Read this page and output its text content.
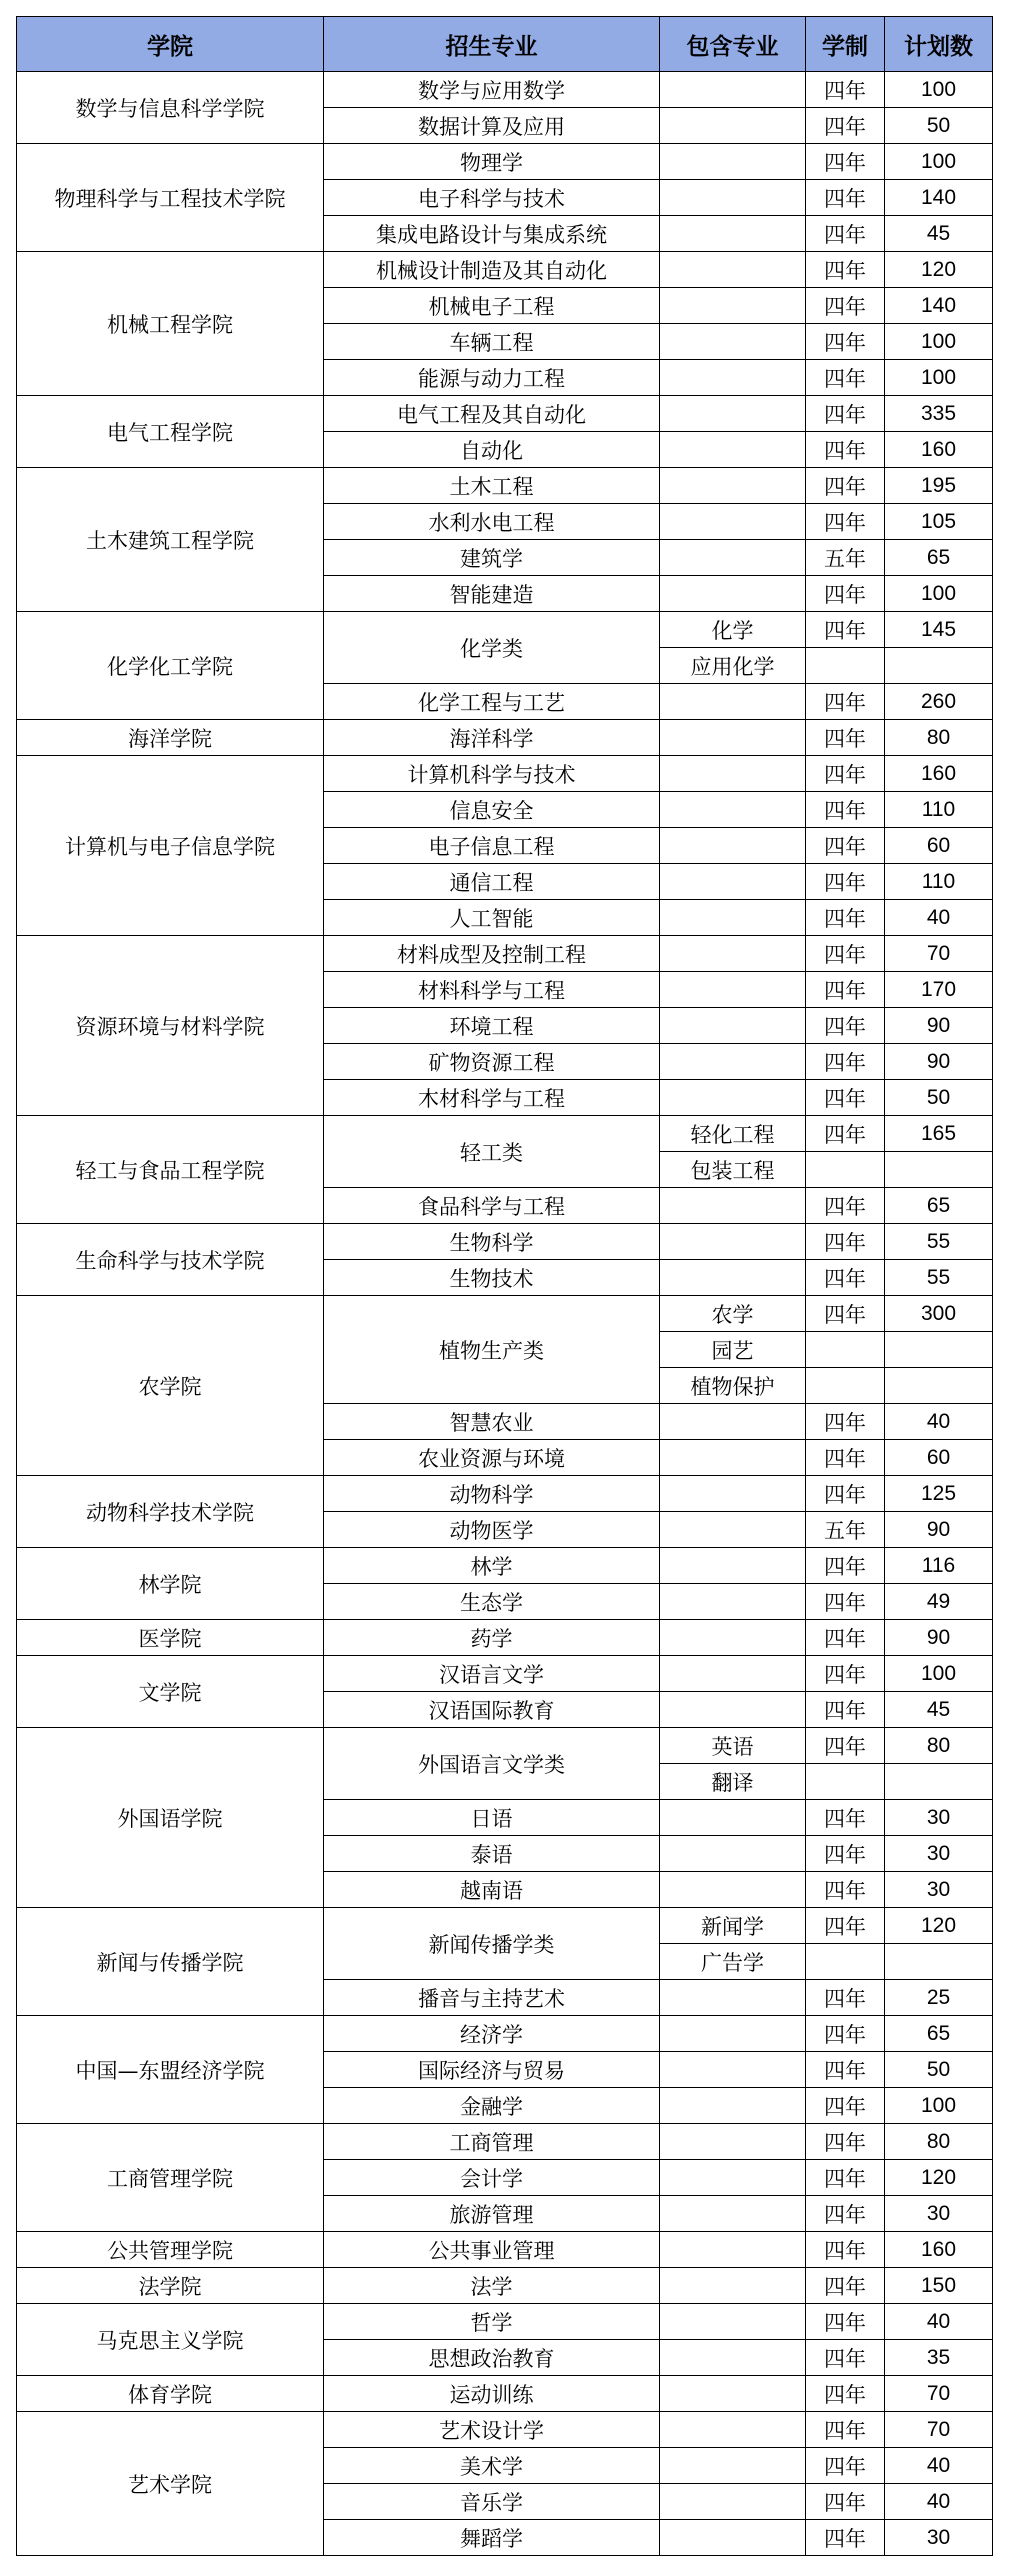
学院	招生专业	包含专业	学制	计划数
数学与信息科学学院	数学与应用数学		四年	100
	数据计算及应用		四年	50
物理科学与工程技术学院	物理学		四年	100
	电子科学与技术		四年	140
	集成电路设计与集成系统		四年	45
机械工程学院	机械设计制造及其自动化		四年	120
	机械电子工程		四年	140
	车辆工程		四年	100
	能源与动力工程		四年	100
电气工程学院	电气工程及其自动化		四年	335
	自动化		四年	160
土木建筑工程学院	土木工程		四年	195
	水利水电工程		四年	105
	建筑学		五年	65
	智能建造		四年	100
化学化工学院	化学类	化学	四年	145
		应用化学		
	化学工程与工艺		四年	260
海洋学院	海洋科学		四年	80
计算机与电子信息学院	计算机科学与技术		四年	160
	信息安全		四年	110
	电子信息工程		四年	60
	通信工程		四年	110
	人工智能		四年	40
资源环境与材料学院	材料成型及控制工程		四年	70
	材料科学与工程		四年	170
	环境工程		四年	90
	矿物资源工程		四年	90
	木材科学与工程		四年	50
轻工与食品工程学院	轻工类	轻化工程	四年	165
		包装工程		
	食品科学与工程		四年	65
生命科学与技术学院	生物科学		四年	55
	生物技术		四年	55
农学院	植物生产类	农学	四年	300
		园艺		
		植物保护		
	智慧农业		四年	40
	农业资源与环境		四年	60
动物科学技术学院	动物科学		四年	125
	动物医学		五年	90
林学院	林学		四年	116
	生态学		四年	49
医学院	药学		四年	90
文学院	汉语言文学		四年	100
	汉语国际教育		四年	45
外国语学院	外国语言文学类	英语	四年	80
		翻译		
	日语		四年	30
	泰语		四年	30
	越南语		四年	30
新闻与传播学院	新闻传播学类	新闻学	四年	120
		广告学		
	播音与主持艺术		四年	25
中国—东盟经济学院	经济学		四年	65
	国际经济与贸易		四年	50
	金融学		四年	100
工商管理学院	工商管理		四年	80
	会计学		四年	120
	旅游管理		四年	30
公共管理学院	公共事业管理		四年	160
法学院	法学		四年	150
马克思主义学院	哲学		四年	40
	思想政治教育		四年	35
体育学院	运动训练		四年	70
艺术学院	艺术设计学		四年	70
	美术学		四年	40
	音乐学		四年	40
	舞蹈学		四年	30
